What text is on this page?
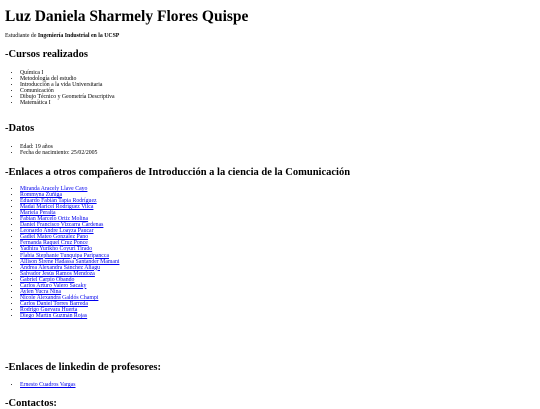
Luz Daniela Sharmely Flores Quispe
Estudiante de Ingeniería Industrial en la UCSP
-Cursos realizados
• Química I
• Metodología del estudio
• Introducción a la vida Universitaria
• Comunicación
• Dibujo Técnico y Geometría Descriptiva
• Matemática I
-Datos
• Edad: 19 años
• Fecha de nacimiento: 25/02/2005
-Enlaces a otros compañeros de Introducción a la ciencia de la Comunicación
• Miranda Aracely Llave Cayo
• Rommyna Zuñiga
• Eduardo Fabián Tapia Rodríguez
• Madai Maricel Rodríguez Vilca
• Mariela Peralta
• Fabian Marcelo Ortiz Molina
• Daniel Francisco Vizcarra Cárdenas
• Leonardo Andre Loayza Paucar
• Gadiel Mateo González Pano
• Fernanda Raquel Cruz Ponce
• Yadhira Yurikho Coyuri Tirado
• Flabia Stephanie Tunquipa Paripancca
• Allison Sirene Hadassa Santander Mamani
• Andrea Alexandra Sánchez Aliagu
• Salvador Jesús Ramos Mendoza
• Gabriel Carpio Obando
• Carlos Arturo Valero Sacaky
• Aylen Yucra Nina
• Nicole Alexandra Galdós Champi
• Carlos Daniel Torres Barreda
• Rodrigo Guevara Huerta
• Diego Martín Guzmán Rojas
-Enlaces de linkedin de profesores:
• Ernesto Cuadros Vargas
-Contactos:
